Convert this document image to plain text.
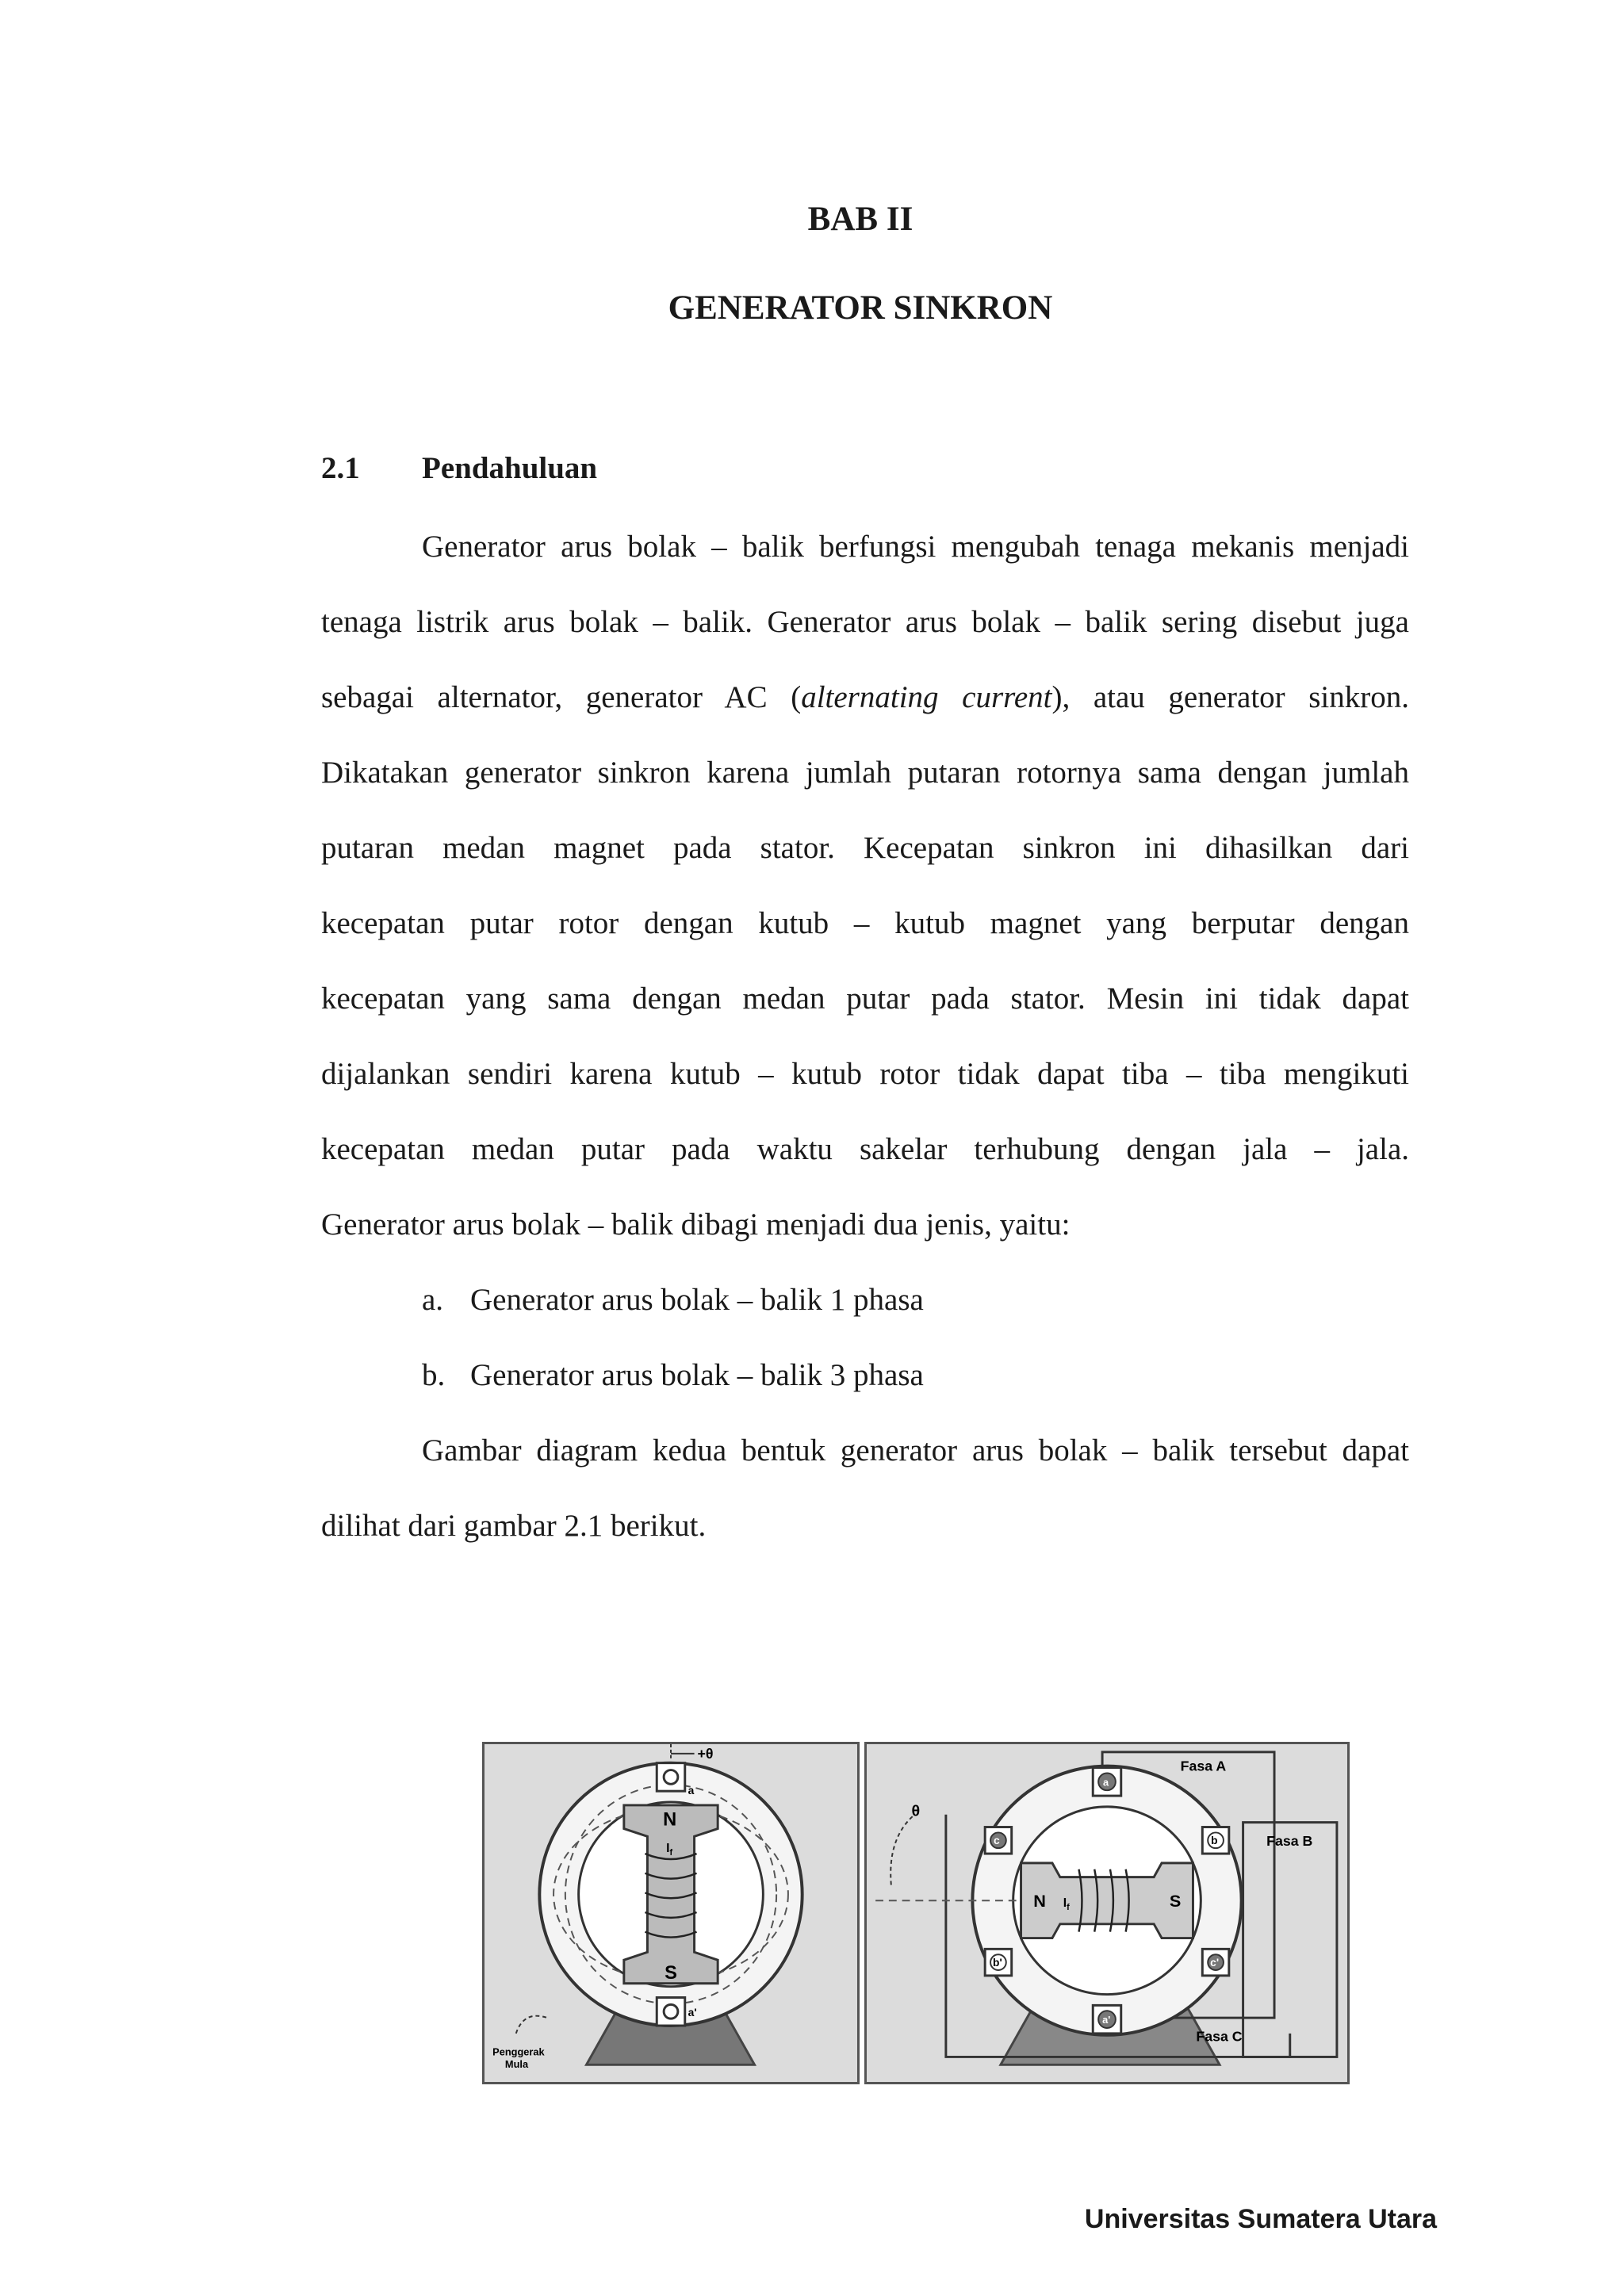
BAB II
GENERATOR SINKRON
2.1 Pendahuluan
Generator arus bolak – balik berfungsi mengubah tenaga mekanis menjadi
tenaga listrik arus bolak – balik. Generator arus bolak – balik sering disebut juga
sebagai alternator, generator AC (alternating current), atau generator sinkron.
Dikatakan generator sinkron karena jumlah putaran rotornya sama dengan jumlah
putaran medan magnet pada stator. Kecepatan sinkron ini dihasilkan dari
kecepatan putar rotor dengan kutub – kutub magnet yang berputar dengan
kecepatan yang sama dengan medan putar pada stator. Mesin ini tidak dapat
dijalankan sendiri karena kutub – kutub rotor tidak dapat tiba – tiba mengikuti
kecepatan medan putar pada waktu sakelar terhubung dengan jala – jala.
Generator arus bolak – balik dibagi menjadi dua jenis, yaitu:
a. Generator arus bolak – balik 1 phasa
b. Generator arus bolak – balik 3 phasa
Gambar diagram kedua bentuk generator arus bolak – balik tersebut dapat
dilihat dari gambar 2.1 berikut.
+θ
a
a'
N
S
$I_f$
Penggerak
Mula
θ
Fasa A
Fasa B
Fasa C
N	S
$I_f$
a
a'
b
b'
c
c'
Universitas Sumatera Utara
